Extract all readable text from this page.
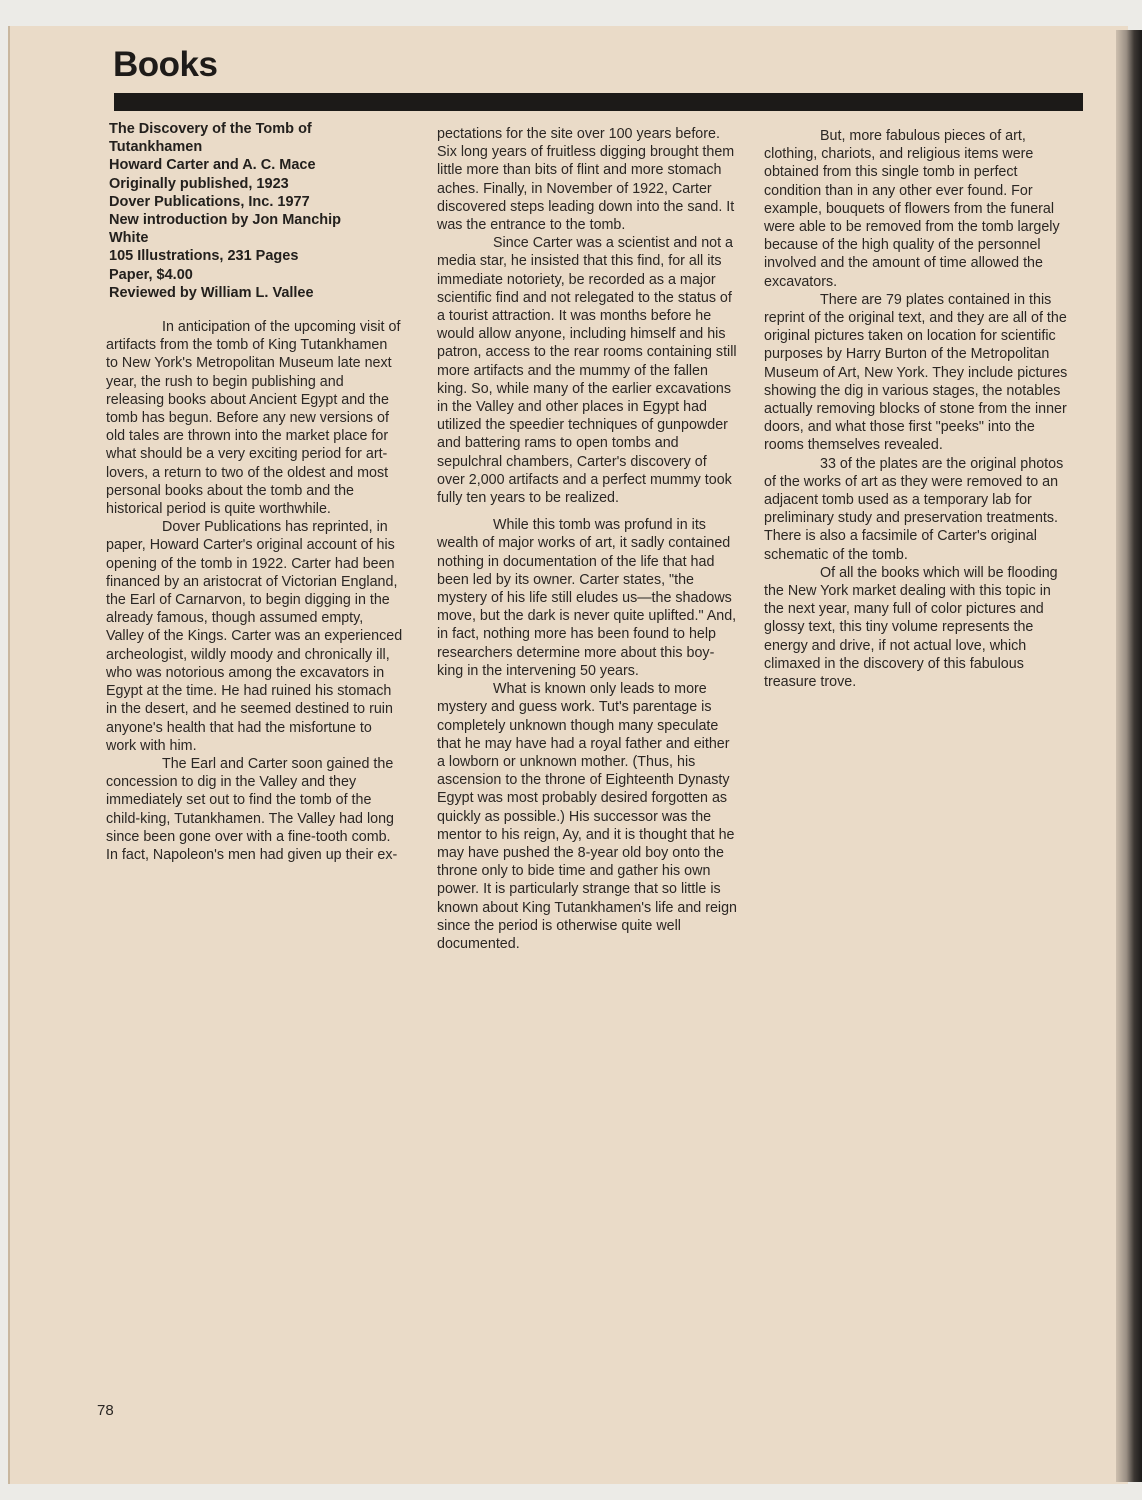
Books
The Discovery of the Tomb of
Tutankhamen
Howard Carter and A. C. Mace
Originally published, 1923
Dover Publications, Inc. 1977
New introduction by Jon Manchip
White
105 Illustrations, 231 Pages
Paper, $4.00
Reviewed by William L. Vallee

In anticipation of the upcoming visit of artifacts from the tomb of King Tutankhamen to New York's Metropolitan Museum late next year, the rush to begin publishing and releasing books about Ancient Egypt and the tomb has begun. Before any new versions of old tales are thrown into the market place for what should be a very exciting period for art-lovers, a return to two of the oldest and most personal books about the tomb and the historical period is quite worthwhile.

Dover Publications has reprinted, in paper, Howard Carter's original account of his opening of the tomb in 1922. Carter had been financed by an aristocrat of Victorian England, the Earl of Carnarvon, to begin digging in the already famous, though assumed empty, Valley of the Kings. Carter was an experienced archeologist, wildly moody and chronically ill, who was notorious among the excavators in Egypt at the time. He had ruined his stomach in the desert, and he seemed destined to ruin anyone's health that had the misfortune to work with him.

The Earl and Carter soon gained the concession to dig in the Valley and they immediately set out to find the tomb of the child-king, Tutankhamen. The Valley had long since been gone over with a fine-tooth comb. In fact, Napoleon's men had given up their ex-

pectations for the site over 100 years before. Six long years of fruitless digging brought them little more than bits of flint and more stomach aches. Finally, in November of 1922, Carter discovered steps leading down into the sand. It was the entrance to the tomb.

Since Carter was a scientist and not a media star, he insisted that this find, for all its immediate notoriety, be recorded as a major scientific find and not relegated to the status of a tourist attraction. It was months before he would allow anyone, including himself and his patron, access to the rear rooms containing still more artifacts and the mummy of the fallen king. So, while many of the earlier excavations in the Valley and other places in Egypt had utilized the speedier techniques of gunpowder and battering rams to open tombs and sepulchral chambers, Carter's discovery of over 2,000 artifacts and a perfect mummy took fully ten years to be realized.

While this tomb was profund in its wealth of major works of art, it sadly contained nothing in documentation of the life that had been led by its owner. Carter states, "the mystery of his life still eludes us—the shadows move, but the dark is never quite uplifted." And, in fact, nothing more has been found to help researchers determine more about this boy-king in the intervening 50 years.

What is known only leads to more mystery and guess work. Tut's parentage is completely unknown though many speculate that he may have had a royal father and either a lowborn or unknown mother. (Thus, his ascension to the throne of Eighteenth Dynasty Egypt was most probably desired forgotten as quickly as possible.) His successor was the mentor to his reign, Ay, and it is thought that he may have pushed the 8-year old boy onto the throne only to bide time and gather his own power. It is particularly strange that so little is known about King Tutankhamen's life and reign since the period is otherwise quite well documented.

But, more fabulous pieces of art, clothing, chariots, and religious items were obtained from this single tomb in perfect condition than in any other ever found. For example, bouquets of flowers from the funeral were able to be removed from the tomb largely because of the high quality of the personnel involved and the amount of time allowed the excavators.

There are 79 plates contained in this reprint of the original text, and they are all of the original pictures taken on location for scientific purposes by Harry Burton of the Metropolitan Museum of Art, New York. They include pictures showing the dig in various stages, the notables actually removing blocks of stone from the inner doors, and what those first "peeks" into the rooms themselves revealed.

33 of the plates are the original photos of the works of art as they were removed to an adjacent tomb used as a temporary lab for preliminary study and preservation treatments. There is also a facsimile of Carter's original schematic of the tomb.

Of all the books which will be flooding the New York market dealing with this topic in the next year, many full of color pictures and glossy text, this tiny volume represents the energy and drive, if not actual love, which climaxed in the discovery of this fabulous treasure trove.

78
